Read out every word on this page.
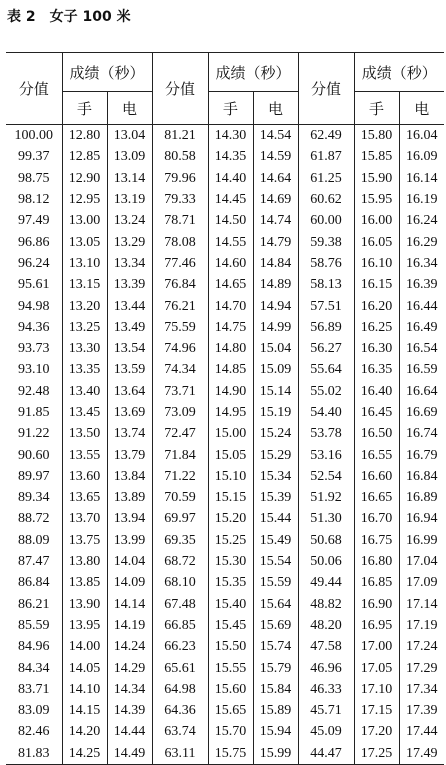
表 2　女子 100 米
分值	成绩（秒）		分值	成绩（秒）		分值	成绩（秒）	
	手	电		手	电		手	电
100.00	12.80	13.04	81.21	14.30	14.54	62.49	15.80	16.04
99.37	12.85	13.09	80.58	14.35	14.59	61.87	15.85	16.09
98.75	12.90	13.14	79.96	14.40	14.64	61.25	15.90	16.14
98.12	12.95	13.19	79.33	14.45	14.69	60.62	15.95	16.19
97.49	13.00	13.24	78.71	14.50	14.74	60.00	16.00	16.24
96.86	13.05	13.29	78.08	14.55	14.79	59.38	16.05	16.29
96.24	13.10	13.34	77.46	14.60	14.84	58.76	16.10	16.34
95.61	13.15	13.39	76.84	14.65	14.89	58.13	16.15	16.39
94.98	13.20	13.44	76.21	14.70	14.94	57.51	16.20	16.44
94.36	13.25	13.49	75.59	14.75	14.99	56.89	16.25	16.49
93.73	13.30	13.54	74.96	14.80	15.04	56.27	16.30	16.54
93.10	13.35	13.59	74.34	14.85	15.09	55.64	16.35	16.59
92.48	13.40	13.64	73.71	14.90	15.14	55.02	16.40	16.64
91.85	13.45	13.69	73.09	14.95	15.19	54.40	16.45	16.69
91.22	13.50	13.74	72.47	15.00	15.24	53.78	16.50	16.74
90.60	13.55	13.79	71.84	15.05	15.29	53.16	16.55	16.79
89.97	13.60	13.84	71.22	15.10	15.34	52.54	16.60	16.84
89.34	13.65	13.89	70.59	15.15	15.39	51.92	16.65	16.89
88.72	13.70	13.94	69.97	15.20	15.44	51.30	16.70	16.94
88.09	13.75	13.99	69.35	15.25	15.49	50.68	16.75	16.99
87.47	13.80	14.04	68.72	15.30	15.54	50.06	16.80	17.04
86.84	13.85	14.09	68.10	15.35	15.59	49.44	16.85	17.09
86.21	13.90	14.14	67.48	15.40	15.64	48.82	16.90	17.14
85.59	13.95	14.19	66.85	15.45	15.69	48.20	16.95	17.19
84.96	14.00	14.24	66.23	15.50	15.74	47.58	17.00	17.24
84.34	14.05	14.29	65.61	15.55	15.79	46.96	17.05	17.29
83.71	14.10	14.34	64.98	15.60	15.84	46.33	17.10	17.34
83.09	14.15	14.39	64.36	15.65	15.89	45.71	17.15	17.39
82.46	14.20	14.44	63.74	15.70	15.94	45.09	17.20	17.44
81.83	14.25	14.49	63.11	15.75	15.99	44.47	17.25	17.49
